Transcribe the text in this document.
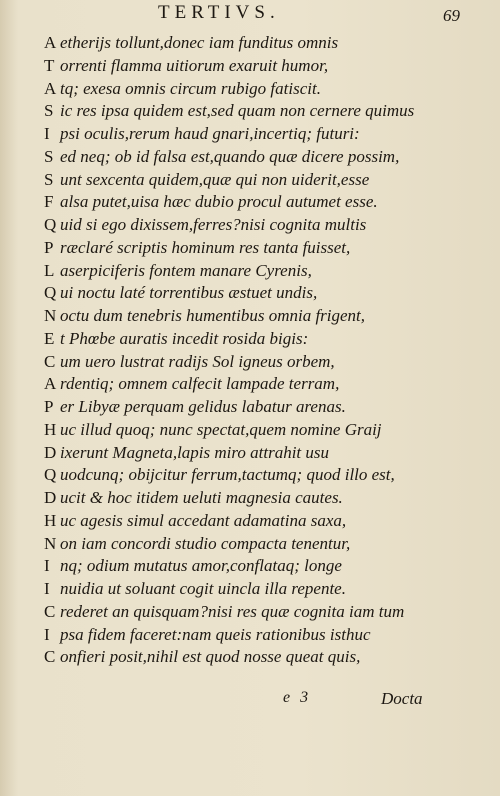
TERTIVS.	69
A etherijs tollunt,donec iam funditus omnis
T orrenti flamma uitiorum exaruit humor,
A tq; exesa omnis circum rubigo fatiscit.
S ic res ipsa quidem est,sed quam non cernere quimus
I psi oculis,rerum haud gnari,incertiq; futuri:
S ed neq; ob id falsa est,quando quæ dicere possim,
S unt sexcenta quidem,quæ qui non uiderit,esse
F alsa putet,uisa hæc dubio procul autumet esse.
Q uid si ego dixissem,ferres?nisi cognita multis
P ræclaré scriptis hominum res tanta fuisset,
L aserpiciferis fontem manare Cyrenis,
Q ui noctu laté torrentibus æstuet undis,
N octu dum tenebris humentibus omnia frigent,
E t Phœbe auratis incedit rosida bigis:
C um uero lustrat radijs Sol igneus orbem,
A rdentiq; omnem calfecit lampade terram,
P er Libyæ perquam gelidus labatur arenas.
H uc illud quoq; nunc spectat,quem nomine Graij
D ixerunt Magneta,lapis miro attrahit usu
Q uodcunq; obijcitur ferrum,tactumq; quod illo est,
D ucit & hoc itidem ueluti magnesia cautes.
H uc agesis simul accedant adamatina saxa,
N on iam concordi studio compacta tenentur,
I nq; odium mutatus amor,conflataq; longe
I nuidia ut soluant cogit uincla illa repente.
C rederet an quisquam?nisi res quæ cognita iam tum
I psa fidem faceret:nam queis rationibus isthuc
C onfieri posit,nihil est quod nosse queat quis,
e 3	Docta
